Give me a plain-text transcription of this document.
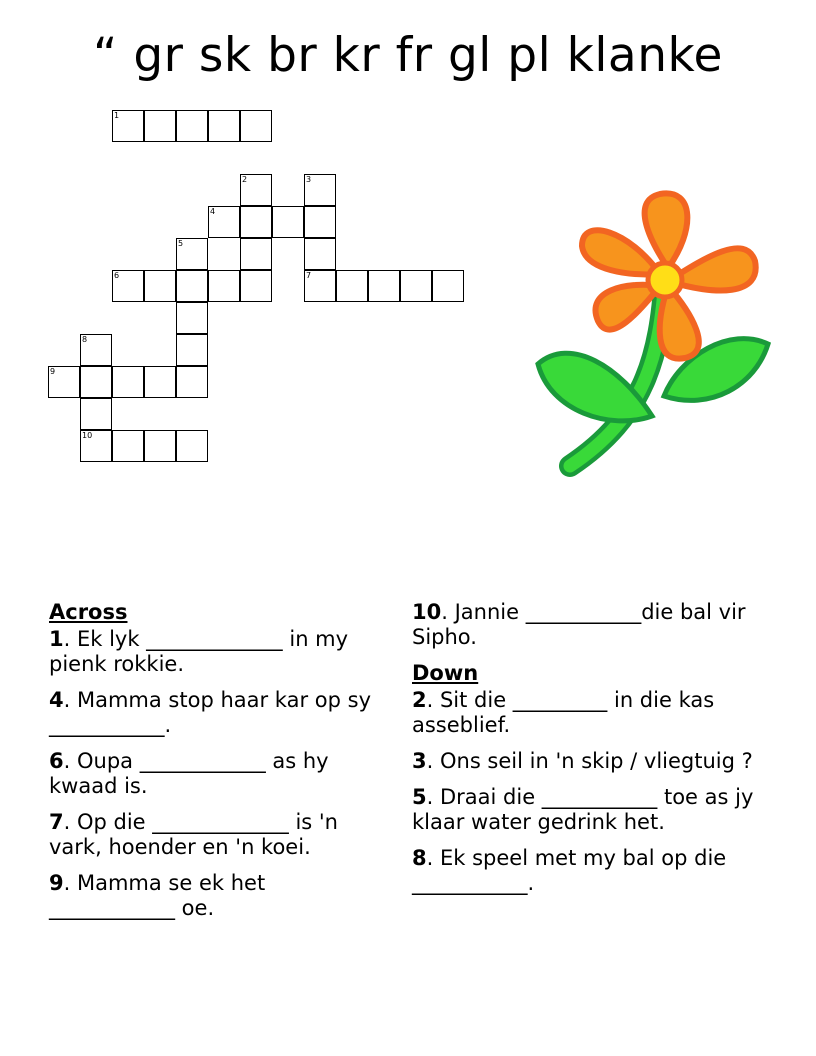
“ gr sk br kr fr gl pl klanke
1
2	3
4
5
6	7
8
9
10
Across
1. Ek lyk _____________ in my pienk rokkie.
4. Mamma stop haar kar op sy ___________.
6. Oupa ____________ as hy kwaad is.
7. Op die _____________ is 'n vark, hoender en 'n koei.
9. Mamma se ek het ____________ oe.
10. Jannie ___________die bal vir Sipho.
Down
2. Sit die _________ in die kas asseblief.
3. Ons seil in 'n skip / vliegtuig ?
5. Draai die ___________ toe as jy klaar water gedrink het.
8. Ek speel met my bal op die ___________.
